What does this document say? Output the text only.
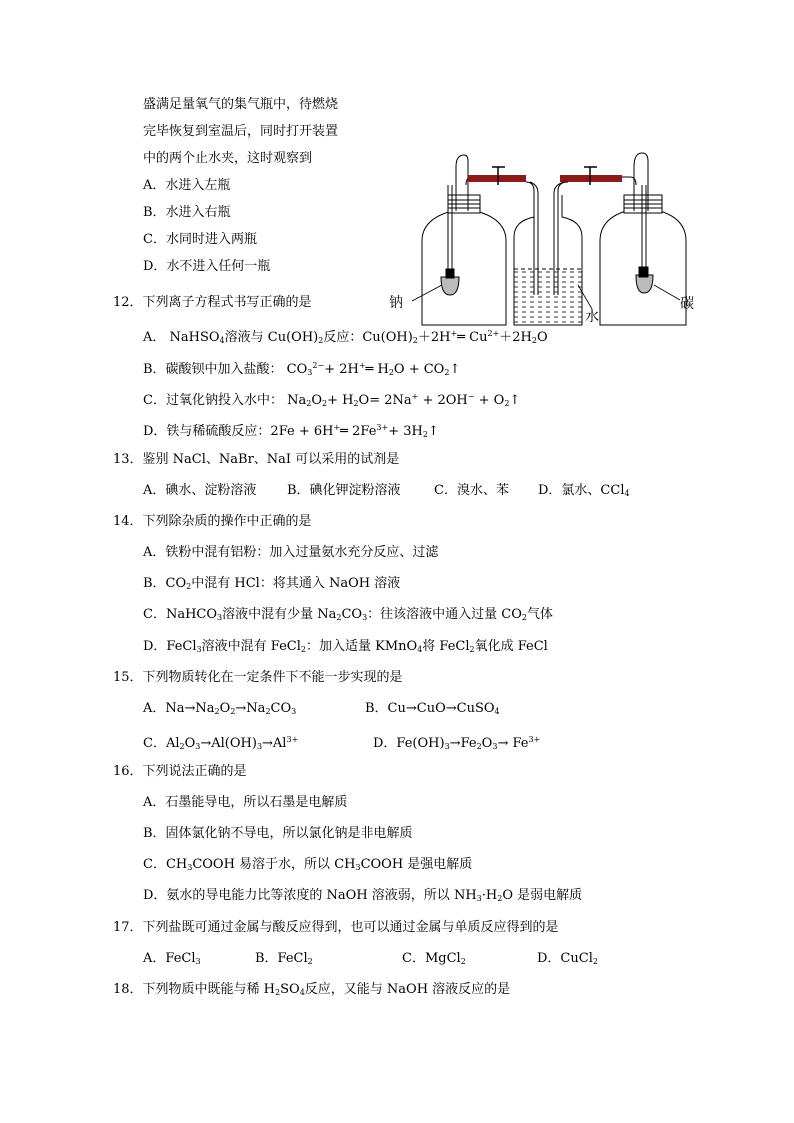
盛满足量氧气的集气瓶中，待燃烧
完毕恢复到室温后，同时打开装置
中的两个止水夹，这时观察到
A．水进入左瓶
B．水进入右瓶
C．水同时进入两瓶
D．水不进入任何一瓶
钠
水
碳
12．下列离子方程式书写正确的是
A． NaHSO$_4$溶液与 $Cu(OH)_2$反应：$Cu(OH)_2+2H^+═$ $Cu^{2+}+2H_2O$
B．碳酸钡中加入盐酸： $CO_3^{2-}+$ 2H+═ $H_2O$ + $CO_2↑$
C．过氧化钠投入水中： $Na_2O_2+ H_2O= 2Na^+ + 2OH^-$ + $O_2↑$
D．铁与稀硫酸反应：2Fe + 6H+═ $2Fe^{3+}+$ $3H_2↑$
13．鉴别 NaCl、NaBr、NaI 可以采用的试剂是
A．碘水、淀粉溶液 B．碘化钾淀粉溶液	C．溴水、苯 D．氯水、CCl$_4$
14．下列除杂质的操作中正确的是
A．铁粉中混有铝粉：加入过量氨水充分反应、过滤
B．$CO_2$中混有 HCl：将其通入 NaOH 溶液
C．NaHCO$_3$溶液中混有少量 $Na_2CO_3$：往该溶液中通入过量 $CO_2$气体
D．FeCl$_3$溶液中混有 FeCl$_2$：加入适量 KMnO$_4$将 FeCl$_2$氧化成 FeCl
15．下列物质转化在一定条件下不能一步实现的是
A．$Na\to Na_2O_2\to Na_2CO_3$	B．Cu→CuO→CuSO$_4$
C．$Al_2O_3\to Al(OH)_3\to Al^{3+}$	D．$Fe(OH)_3\to Fe_2O_3\to Fe^{3+}$
16．下列说法正确的是
A．石墨能导电，所以石墨是电解质
B．固体氯化钠不导电，所以氯化钠是非电解质
C．$CH_3COOH$ 易溶于水，所以 $CH_3COOH$ 是强电解质
D．氨水的导电能力比等浓度的 NaOH 溶液弱，所以 $NH_3\cdot H_2O$ 是弱电解质
17．下列盐既可通过金属与酸反应得到，也可以通过金属与单质反应得到的是
A．FeCl$_3$	B．FeCl$_2$	C．MgCl$_2$	D．CuCl$_2$
18．下列物质中既能与稀 $H_2SO_4$反应，又能与 NaOH 溶液反应的是
